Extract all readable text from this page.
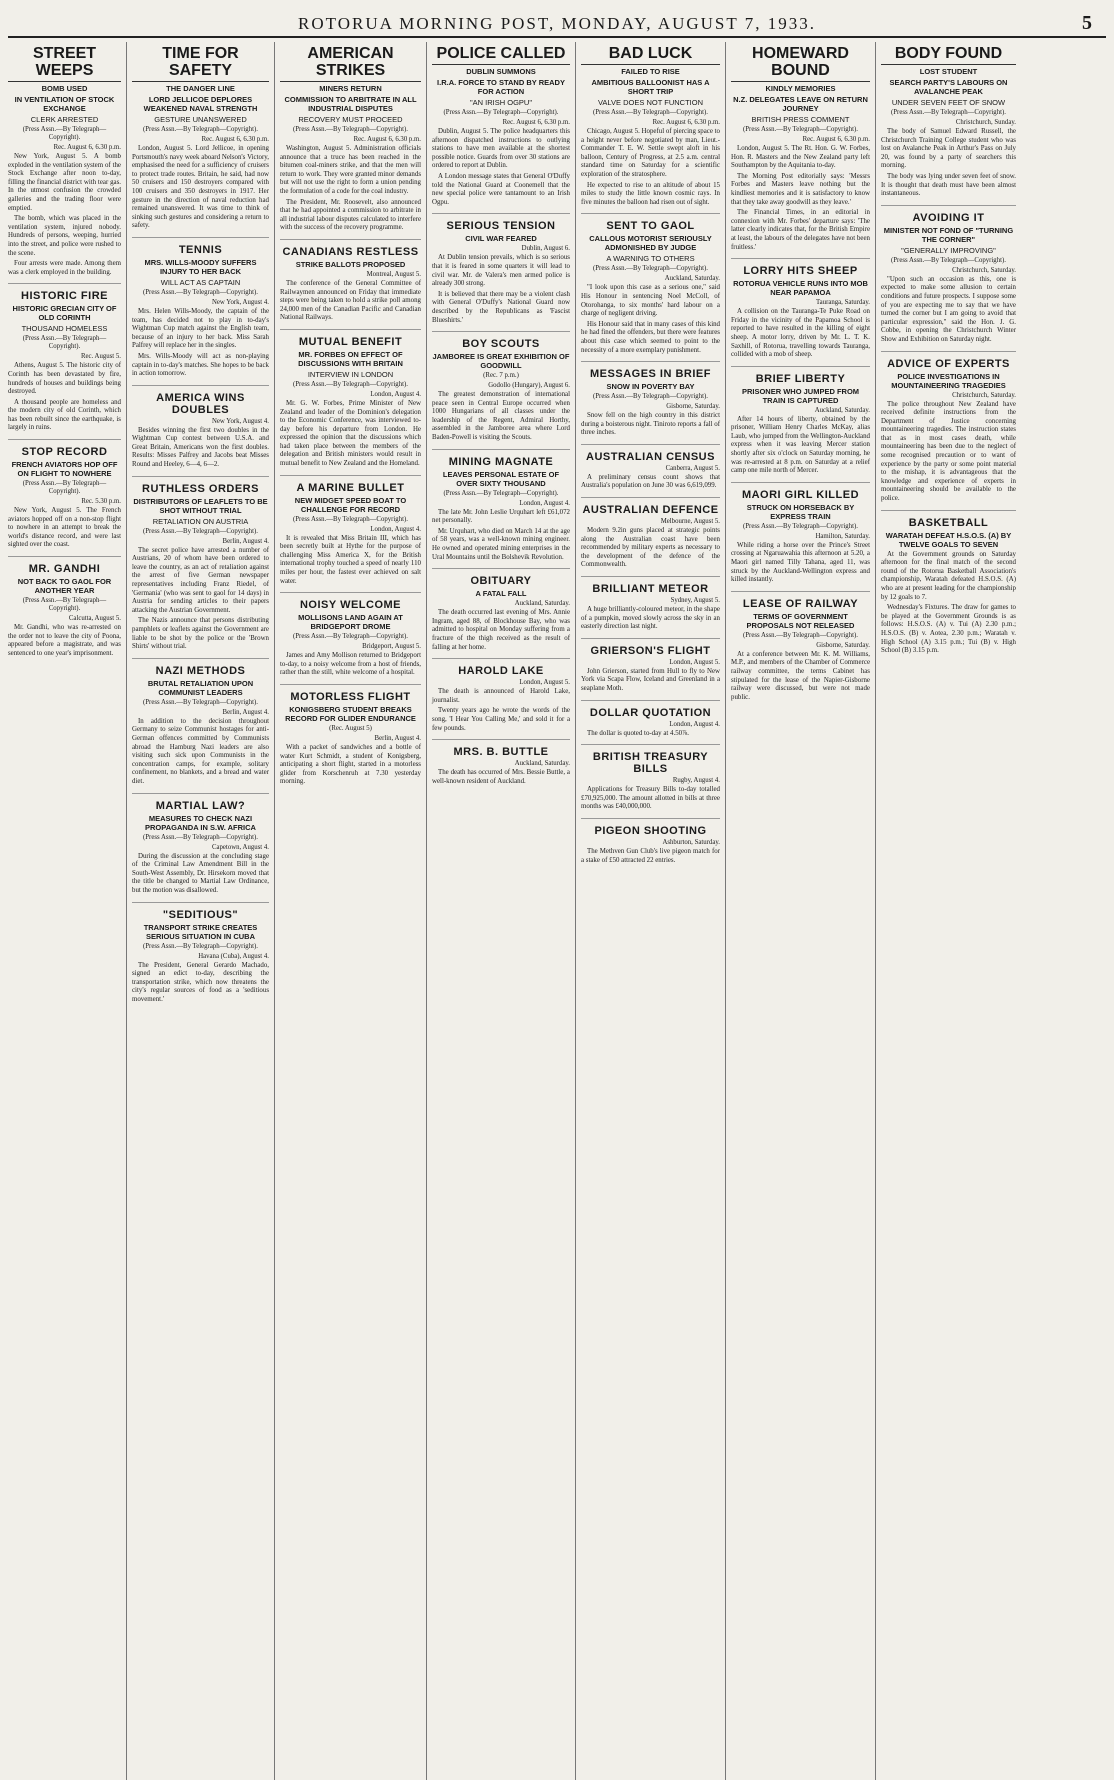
ROTORUA MORNING POST, MONDAY, AUGUST 7, 1933.	5
STREET WEEPS
BOMB USED
IN VENTILATION OF STOCK EXCHANGE
CLERK ARRESTED
(Press Assn.—By Telegraph—Copyright).
Rec. August 6, 6.30 p.m.

New York, August 5. A bomb exploded in the ventilation system of the Stock Exchange after noon to-day, filling the financial district with tear gas. In the utmost confusion the crowded galleries and the trading floor were emptied.

The bomb, which was placed in the ventilation system, injured nobody. Hundreds of persons, weeping, hurried into the street, and police were rushed to the scene.

Four arrests were made. Among them was a clerk employed in the building.

HISTORIC FIRE
HISTORIC GRECIAN CITY OF OLD CORINTH
THOUSAND HOMELESS
(Press Assn.—By Telegraph—Copyright).
Rec. August 5.

Athens, August 5. The historic city of Corinth has been devastated by fire, hundreds of houses and buildings being destroyed.

A thousand people are homeless and the modern city of old Corinth, which has been rebuilt since the earthquake, is largely in ruins.

STOP RECORD
FRENCH AVIATORS HOP OFF ON FLIGHT TO NOWHERE
(Press Assn.—By Telegraph—Copyright).
Rec. 5.30 p.m.

New York, August 5. The French aviators hopped off on a non-stop flight to nowhere in an attempt to break the world's distance record, and were last sighted over the coast.

MR. GANDHI
NOT BACK TO GAOL FOR ANOTHER YEAR
(Press Assn.—By Telegraph—Copyright).
Calcutta, August 5.

Mr. Gandhi, who was re-arrested on the order not to leave the city of Poona, appeared before a magistrate, and was sentenced to one year's imprisonment.

TIME FOR SAFETY
THE DANGER LINE
LORD JELLICOE DEPLORES WEAKENED NAVAL STRENGTH
GESTURE UNANSWERED
(Press Assn.—By Telegraph—Copyright).
Rec. August 6, 6.30 p.m.

London, August 5. Lord Jellicoe, in opening Portsmouth's navy week aboard Nelson's Victory, emphasised the need for a sufficiency of cruisers to protect trade routes. Britain, he said, had now 50 cruisers and 150 destroyers compared with 100 cruisers and 350 destroyers in 1917. Her gesture in the direction of naval reduction had remained unanswered. It was time to think of sinking such gestures and considering a return to safety.

TENNIS
MRS. WILLS-MOODY SUFFERS INJURY TO HER BACK
WILL ACT AS CAPTAIN
(Press Assn.—By Telegraph—Copyright).
New York, August 4.

Mrs. Helen Wills-Moody, the captain of the team, has decided not to play in to-day's Wightman Cup match against the English team, because of an injury to her back. Miss Sarah Palfrey will replace her in the singles.

Mrs. Wills-Moody will act as non-playing captain in to-day's matches. She hopes to be back in action tomorrow.

AMERICA WINS DOUBLES
New York, August 4.

Besides winning the first two doubles in the Wightman Cup contest between U.S.A. and Great Britain, Americans won the first doubles. Results: Misses Palfrey and Jacobs beat Misses Round and Heeley, 6—4, 6—2.

RUTHLESS ORDERS
DISTRIBUTORS OF LEAFLETS TO BE SHOT WITHOUT TRIAL
RETALIATION ON AUSTRIA
(Press Assn.—By Telegraph—Copyright).
Berlin, August 4.

The secret police have arrested a number of Austrians, 20 of whom have been ordered to leave the country, as an act of retaliation against the arrest of five German newspaper representatives including Franz Riedel, of 'Germania' (who was sent to gaol for 14 days) in Austria for sending articles to their papers attacking the Austrian Government.

The Nazis announce that persons distributing pamphlets or leaflets against the Government are liable to be shot by the police or the 'Brown Shirts' without trial.

NAZI METHODS
BRUTAL RETALIATION UPON COMMUNIST LEADERS
(Press Assn.—By Telegraph—Copyright).
Berlin, August 4.

In addition to the decision throughout Germany to seize Communist hostages for anti-German offences committed by Communists abroad the Hamburg Nazi leaders are also visiting such sick upon Communists in the concentration camps, for example, solitary confinement, no blankets, and a bread and water diet.

MARTIAL LAW?
MEASURES TO CHECK NAZI PROPAGANDA IN S.W. AFRICA
(Press Assn.—By Telegraph—Copyright).
Capetown, August 4.

During the discussion at the concluding stage of the Criminal Law Amendment Bill in the South-West Assembly, Dr. Hirsekorn moved that the title be changed to Martial Law Ordinance, but the motion was disallowed.

"SEDITIOUS"
TRANSPORT STRIKE CREATES SERIOUS SITUATION IN CUBA
(Press Assn.—By Telegraph—Copyright).
Havana (Cuba), August 4.

The President, General Gerardo Machado, signed an edict to-day, describing the transportation strike, which now threatens the city's regular sources of food as a 'seditious movement.'

AMERICAN STRIKES
MINERS RETURN
COMMISSION TO ARBITRATE IN ALL INDUSTRIAL DISPUTES
RECOVERY MUST PROCEED
(Press Assn.—By Telegraph—Copyright).
Rec. August 6, 6.30 p.m.

Washington, August 5. Administration officials announce that a truce has been reached in the bitumen coal-miners strike, and that the men will return to work. They were granted minor demands but will not use the right to form a union pending the formulation of a code for the coal industry.

The President, Mr. Roosevelt, also announced that he had appointed a commission to arbitrate in all industrial labour disputes calculated to interfere with the success of the recovery programme.

CANADIANS RESTLESS
STRIKE BALLOTS PROPOSED
Montreal, August 5.

The conference of the General Committee of Railwaymen announced on Friday that immediate steps were being taken to hold a strike poll among 24,000 men of the Canadian Pacific and Canadian National Railways.

MUTUAL BENEFIT
MR. FORBES ON EFFECT OF DISCUSSIONS WITH BRITAIN
INTERVIEW IN LONDON
(Press Assn.—By Telegraph—Copyright).
London, August 4.

Mr. G. W. Forbes, Prime Minister of New Zealand and leader of the Dominion's delegation to the Economic Conference, was interviewed to-day before his departure from London. He expressed the opinion that the discussions which had taken place between the members of the delegation and British ministers would result in mutual benefit to New Zealand and the Homeland.

A MARINE BULLET
NEW MIDGET SPEED BOAT TO CHALLENGE FOR RECORD
(Press Assn.—By Telegraph—Copyright).
London, August 4.

It is revealed that Miss Britain III, which has been secretly built at Hythe for the purpose of challenging Miss America X, for the British international trophy touched a speed of nearly 110 miles per hour, the fastest ever achieved on salt water.

NOISY WELCOME
MOLLISONS LAND AGAIN AT BRIDGEPORT DROME
(Press Assn.—By Telegraph—Copyright).
Bridgeport, August 5.

James and Amy Mollison returned to Bridgeport to-day, to a noisy welcome from a host of friends, rather than the still, white welcome of a hospital.

MOTORLESS FLIGHT
KONIGSBERG STUDENT BREAKS RECORD FOR GLIDER ENDURANCE
(Rec. August 5)
Berlin, August 4.

With a packet of sandwiches and a bottle of water Kurt Schmidt, a student of Konigsberg, anticipating a short flight, started in a motorless glider from Korschenruh at 7.30 yesterday morning.

POLICE CALLED
DUBLIN SUMMONS
I.R.A. FORCE TO STAND BY READY FOR ACTION
"AN IRISH OGPU"
(Press Assn.—By Telegraph—Copyright).
Rec. August 6, 6.30 p.m.

Dublin, August 5. The police headquarters this afternoon dispatched instructions to outlying stations to have men available at the shortest possible notice. Guards from over 30 stations are ordered to report at Dublin.

A London message states that General O'Duffy told the National Guard at Coonemell that the new special police were tantamount to an Irish Ogpu.

SERIOUS TENSION
CIVIL WAR FEARED
Dublin, August 6.

At Dublin tension prevails, which is so serious that it is feared in some quarters it will lead to civil war. Mr. de Valera's men armed police is already 300 strong.

It is believed that there may be a violent clash with General O'Duffy's National Guard now described by the Republicans as 'Fascist Blueshirts.'

BOY SCOUTS
JAMBOREE IS GREAT EXHIBITION OF GOODWILL
(Rec. 7 p.m.)
Godollo (Hungary), August 6.

The greatest demonstration of international peace seen in Central Europe occurred when 1000 Hungarians of all classes under the leadership of the Regent, Admiral Horthy, assembled in the Jamboree area where Lord Baden-Powell is visiting the Scouts.

MINING MAGNATE
LEAVES PERSONAL ESTATE OF OVER SIXTY THOUSAND
(Press Assn.—By Telegraph—Copyright).
London, August 4.

The late Mr. John Leslie Urquhart left £61,072 net personally.

Mr. Urquhart, who died on March 14 at the age of 58 years, was a well-known mining engineer. He owned and operated mining enterprises in the Ural Mountains until the Bolshevik Revolution.

OBITUARY
A FATAL FALL
Auckland, Saturday.

The death occurred last evening of Mrs. Annie Ingram, aged 88, of Blockhouse Bay, who was admitted to hospital on Monday suffering from a fracture of the thigh received as the result of falling at her home.

HAROLD LAKE
London, August 5.

The death is announced of Harold Lake, journalist.

Twenty years ago he wrote the words of the song, 'I Hear You Calling Me,' and sold it for a few pounds.

MRS. B. BUTTLE
Auckland, Saturday.

The death has occurred of Mrs. Bessie Buttle, a well-known resident of Auckland.

BAD LUCK
FAILED TO RISE
AMBITIOUS BALLOONIST HAS A SHORT TRIP
VALVE DOES NOT FUNCTION
(Press Assn.—By Telegraph—Copyright).
Rec. August 6, 6.30 p.m.

Chicago, August 5. Hopeful of piercing space to a height never before negotiated by man, Lieut.-Commander T. E. W. Settle swept aloft in his balloon, Century of Progress, at 2.5 a.m. central standard time on Saturday for a scientific exploration of the stratosphere.

He expected to rise to an altitude of about 15 miles to study the little known cosmic rays. In five minutes the balloon had risen out of sight.

SENT TO GAOL
CALLOUS MOTORIST SERIOUSLY ADMONISHED BY JUDGE
A WARNING TO OTHERS
(Press Assn.—By Telegraph—Copyright).
Auckland, Saturday.

"I look upon this case as a serious one," said His Honour in sentencing Noel McColl, of Otorohanga, to six months' hard labour on a charge of negligent driving.

His Honour said that in many cases of this kind he had fined the offenders, but there were features about this case which seemed to point to the necessity of a more exemplary punishment.

MESSAGES IN BRIEF
SNOW IN POVERTY BAY
(Press Assn.—By Telegraph—Copyright).
Gisborne, Saturday.

Snow fell on the high country in this district during a boisterous night. Tiniroto reports a fall of three inches.

AUSTRALIAN CENSUS
Canberra, August 5.

A preliminary census count shows that Australia's population on June 30 was 6,619,099.

AUSTRALIAN DEFENCE
Melbourne, August 5.

Modern 9.2in guns placed at strategic points along the Australian coast have been recommended by military experts as necessary to the development of the defence of the Commonwealth.

BRILLIANT METEOR
Sydney, August 5.

A huge brilliantly-coloured meteor, in the shape of a pumpkin, moved slowly across the sky in an easterly direction last night.

GRIERSON'S FLIGHT
London, August 5.

John Grierson, started from Hull to fly to New York via Scapa Flow, Iceland and Greenland in a seaplane Moth.

DOLLAR QUOTATION
London, August 4.

The dollar is quoted to-day at 4.50⅞.

BRITISH TREASURY BILLS
Rugby, August 4.

Applications for Treasury Bills to-day totalled £70,925,000. The amount allotted in bills at three months was £40,000,000.

PIGEON SHOOTING
Ashburton, Saturday.

The Methven Gun Club's live pigeon match for a stake of £50 attracted 22 entries.

HOMEWARD BOUND
KINDLY MEMORIES
N.Z. DELEGATES LEAVE ON RETURN JOURNEY
BRITISH PRESS COMMENT
(Press Assn.—By Telegraph—Copyright).
Rec. August 6, 6.30 p.m.

London, August 5. The Rt. Hon. G. W. Forbes, Hon. R. Masters and the New Zealand party left Southampton by the Aquitania to-day.

The Morning Post editorially says: 'Messrs Forbes and Masters leave nothing but the kindliest memories and it is satisfactory to know that they take away goodwill as they leave.'

The Financial Times, in an editorial in connexion with Mr. Forbes' departure says: 'The latter clearly indicates that, for the British Empire at least, the labours of the delegates have not been fruitless.'

LORRY HITS SHEEP
ROTORUA VEHICLE RUNS INTO MOB NEAR PAPAMOA
Tauranga, Saturday.

A collision on the Tauranga-Te Puke Road on Friday in the vicinity of the Papamoa School is reported to have resulted in the killing of eight sheep. A motor lorry, driven by Mr. L. T. K. Saxhill, of Rotorua, travelling towards Tauranga, collided with a mob of sheep.

BRIEF LIBERTY
PRISONER WHO JUMPED FROM TRAIN IS CAPTURED
Auckland, Saturday.

After 14 hours of liberty, obtained by the prisoner, William Henry Charles McKay, alias Laub, who jumped from the Wellington-Auckland express when it was leaving Mercer station shortly after six o'clock on Saturday morning, he was re-arrested at 8 p.m. on Saturday at a relief camp one mile north of Mercer.

MAORI GIRL KILLED
STRUCK ON HORSEBACK BY EXPRESS TRAIN
(Press Assn.—By Telegraph—Copyright).
Hamilton, Saturday.

While riding a horse over the Prince's Street crossing at Ngaruawahia this afternoon at 5.20, a Maori girl named Tilly Tahana, aged 11, was struck by the Auckland-Wellington express and killed instantly.

LEASE OF RAILWAY
TERMS OF GOVERNMENT PROPOSALS NOT RELEASED
(Press Assn.—By Telegraph—Copyright).
Gisborne, Saturday.

At a conference between Mr. K. M. Williams, M.P., and members of the Chamber of Commerce railway committee, the terms Cabinet has stipulated for the lease of the Napier-Gisborne railway were discussed, but were not made public.

BODY FOUND
LOST STUDENT
SEARCH PARTY'S LABOURS ON AVALANCHE PEAK
UNDER SEVEN FEET OF SNOW
(Press Assn.—By Telegraph—Copyright).
Christchurch, Sunday.

The body of Samuel Edward Russell, the Christchurch Training College student who was lost on Avalanche Peak in Arthur's Pass on July 20, was found by a party of searchers this morning.

The body was lying under seven feet of snow. It is thought that death must have been almost instantaneous.

AVOIDING IT
MINISTER NOT FOND OF "TURNING THE CORNER"
"GENERALLY IMPROVING"
(Press Assn.—By Telegraph—Copyright).
Christchurch, Saturday.

"Upon such an occasion as this, one is expected to make some allusion to certain conditions and future prospects. I suppose some of you are expecting me to say that we have turned the corner but I am going to avoid that particular expression," said the Hon. J. G. Cobbe, in opening the Christchurch Winter Show and Exhibition on Saturday night.

ADVICE OF EXPERTS
POLICE INVESTIGATIONS IN MOUNTAINEERING TRAGEDIES
Christchurch, Saturday.

The police throughout New Zealand have received definite instructions from the Department of Justice concerning mountaineering tragedies. The instruction states that as in most cases death, while mountaineering has been due to the neglect of some recognised precaution or to want of experience by the party or some point material to the mishap, it is advantageous that the knowledge and experience of experts in mountaineering should be available to the police.

BASKETBALL
WARATAH DEFEAT H.S.O.S. (A) BY TWELVE GOALS TO SEVEN

At the Government grounds on Saturday afternoon for the final match of the second round of the Rotorua Basketball Association's championship, Waratah defeated H.S.O.S. (A) who are at present leading for the championship by 12 goals to 7.

Wednesday's Fixtures. The draw for games to be played at the Government Grounds is as follows: H.S.O.S. (A) v. Tui (A) 2.30 p.m.; H.S.O.S. (B) v. Aotea, 2.30 p.m.; Waratah v. High School (A) 3.15 p.m.; Tui (B) v. High School (B) 3.15 p.m.
